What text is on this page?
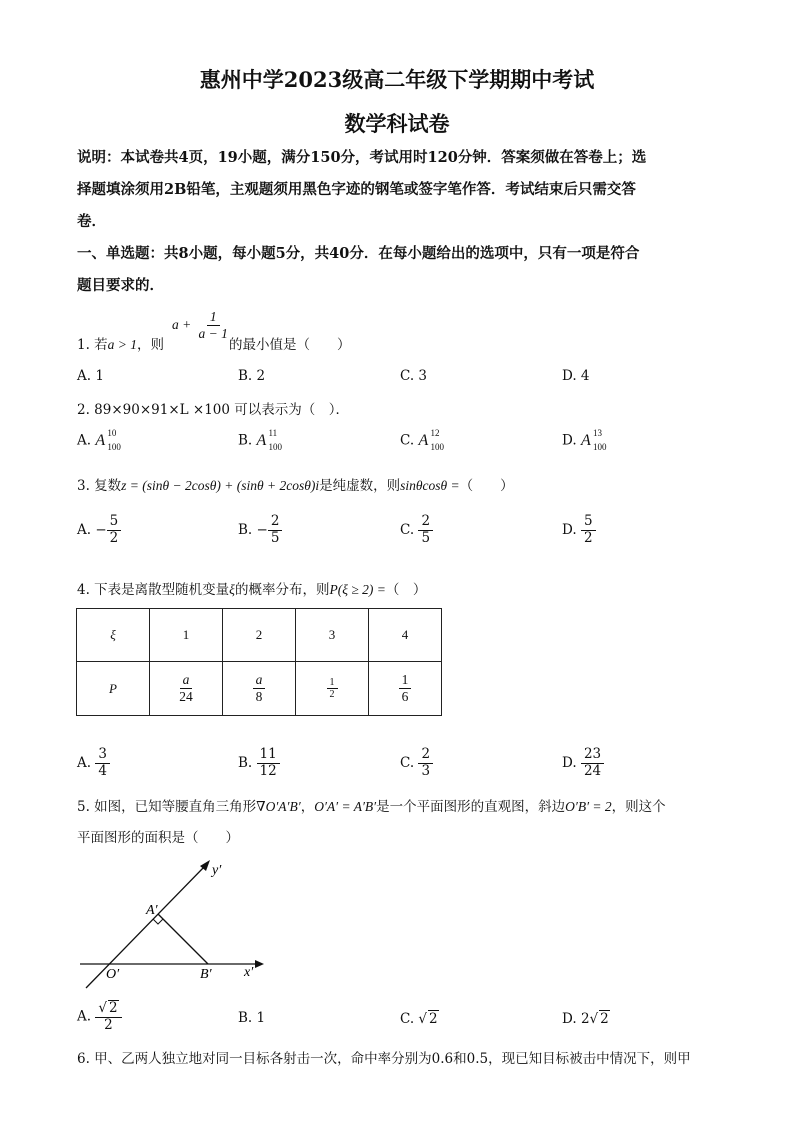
惠州中学2023级高二年级下学期期中考试
数学科试卷
说明：本试卷共4页，19小题，满分150分，考试用时120分钟．答案须做在答卷上；选
择题填涂须用2B铅笔，主观题须用黑色字迹的钢笔或签字笔作答．考试结束后只需交答
卷．
一、单选题：共8小题，每小题5分，共40分．在每小题给出的选项中，只有一项是符合
题目要求的．
1. 若a > 1，则
$a + \frac{1}{a - 1}$
的最小值是（　　）
A. 1	B. 2	C. 3	D. 4
2. 89×90×91×L ×100 可以表示为（　）．
A. A 10
100	B. A 11
100	C. A 12
100	D. A 13
100
3. 复数z = (sinθ − 2cosθ) + (sinθ + 2cosθ)i是纯虚数，则sinθcosθ =（　　）
A. − $\frac{5}{2}$	B. − $\frac{2}{5}$	C. $\frac{2}{5}$	D. $\frac{5}{2}$
4. 下表是离散型随机变量ξ的概率分布，则P(ξ ≥ 2) =（　）
ξ	1	2	3	4
P	$\frac{a}{24}$	$\frac{a}{8}$	$\frac{1}{2}$	$\frac{1}{6}$
A. $\frac{3}{4}$	B. $\frac{11}{12}$	C. $\frac{2}{3}$	D. $\frac{23}{24}$
5. 如图，已知等腰直角三角形∇O′A′B′，O′A′ = A′B′是一个平面图形的直观图，斜边O′B′ = 2，则这个
平面图形的面积是（　　）
y′
A′
O′	B′ x′
A. $\frac{√ 2}{2}$	B. 1	C. √ 2	D. 2√ 2
6. 甲、乙两人独立地对同一目标各射击一次，命中率分别为0.6和0.5，现已知目标被击中情况下，则甲
